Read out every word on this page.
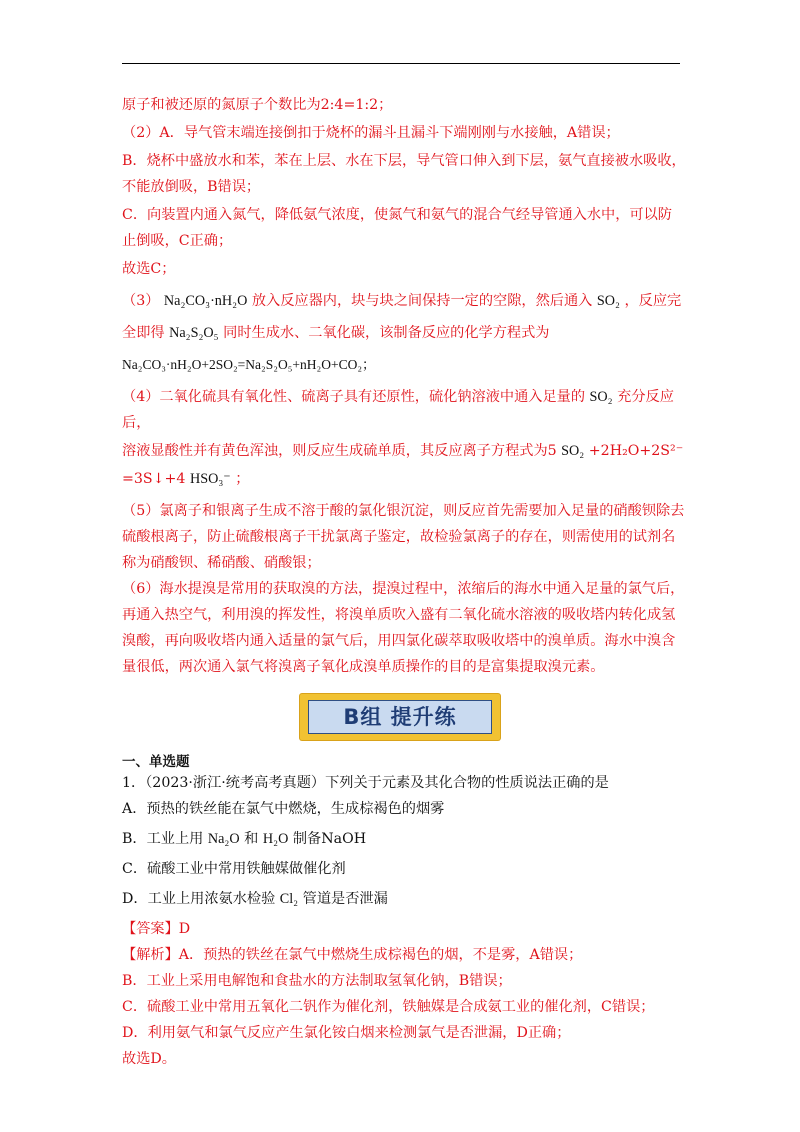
原子和被还原的氮原子个数比为2:4=1:2；

（2）A．导气管末端连接倒扣于烧杯的漏斗且漏斗下端刚刚与水接触，A错误；

B．烧杯中盛放水和苯，苯在上层、水在下层，导气管口伸入到下层，氨气直接被水吸收，

不能放倒吸，B错误；

C．向装置内通入氮气，降低氨气浓度，使氮气和氨气的混合气经导管通入水中，可以防

止倒吸，C正确；

故选C；

（3） Na₂CO₃·nH₂O 放入反应器内，块与块之间保持一定的空隙，然后通入 SO₂ ，反应完

全即得 Na₂S₂O₅ 同时生成水、二氧化碳，该制备反应的化学方程式为

Na₂CO₃·nH₂O+2SO₂=Na₂S₂O₅+nH₂O+CO₂；

（4）二氧化硫具有氧化性、硫离子具有还原性，硫化钠溶液中通入足量的 SO₂ 充分反应后，

溶液显酸性并有黄色浑浊，则反应生成硫单质，其反应离子方程式为5 SO₂ +2H₂O+2S²⁻

=3S↓+4 HSO₃⁻ ；

（5）氯离子和银离子生成不溶于酸的氯化银沉淀，则反应首先需要加入足量的硝酸钡除去

硫酸根离子，防止硫酸根离子干扰氯离子鉴定，故检验氯离子的存在，则需使用的试剂名

称为硝酸钡、稀硝酸、硝酸银；

（6）海水提溴是常用的获取溴的方法，提溴过程中，浓缩后的海水中通入足量的氯气后，

再通入热空气，利用溴的挥发性，将溴单质吹入盛有二氧化硫水溶液的吸收塔内转化成氢

溴酸，再向吸收塔内通入适量的氯气后，用四氯化碳萃取吸收塔中的溴单质。海水中溴含

量很低，两次通入氯气将溴离子氧化成溴单质操作的目的是富集提取溴元素。

B组 提升练

一、单选题

1．（2023·浙江·统考高考真题）下列关于元素及其化合物的性质说法正确的是

A．预热的铁丝能在氯气中燃烧，生成棕褐色的烟雾

B．工业上用 Na₂O 和 H₂O 制备NaOH

C．硫酸工业中常用铁触媒做催化剂

D．工业上用浓氨水检验 Cl₂ 管道是否泄漏

【答案】D

【解析】A．预热的铁丝在氯气中燃烧生成棕褐色的烟，不是雾，A错误；

B．工业上采用电解饱和食盐水的方法制取氢氧化钠，B错误；

C．硫酸工业中常用五氧化二钒作为催化剂，铁触媒是合成氨工业的催化剂，C错误；

D．利用氨气和氯气反应产生氯化铵白烟来检测氯气是否泄漏，D正确；

故选D。
